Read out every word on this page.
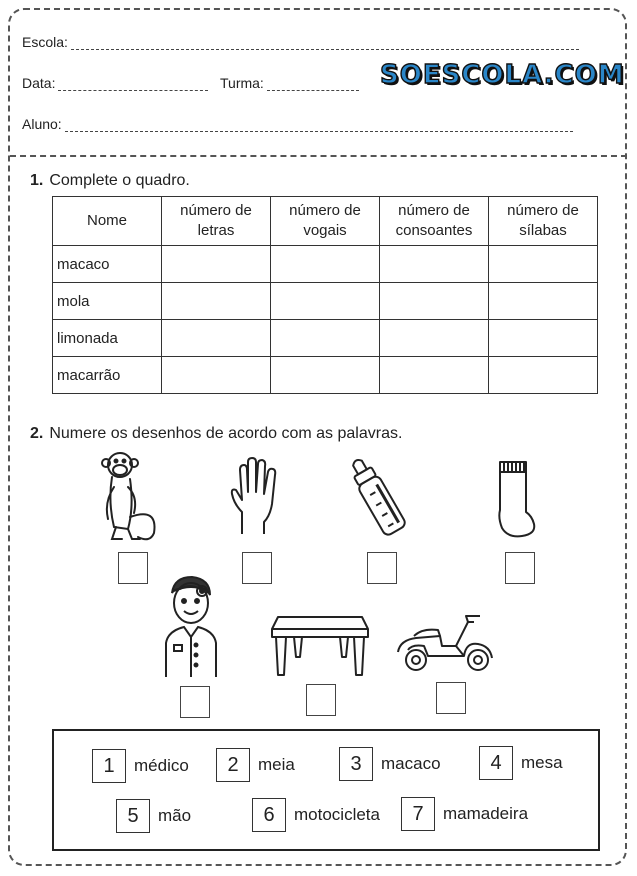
Escola:
Data:	Turma:	SOESCOLA.COM
Aluno:
1. Complete o quadro.
Nome	número de letras	número de vogais	número de consoantes	número de sílabas
macaco				
mola				
limonada				
macarrão				
2. Numere os desenhos de acordo com as palavras.
1	médico	2	meia	3	macaco	4	mesa
5	mão	6	motocicleta	7	mamadeira
